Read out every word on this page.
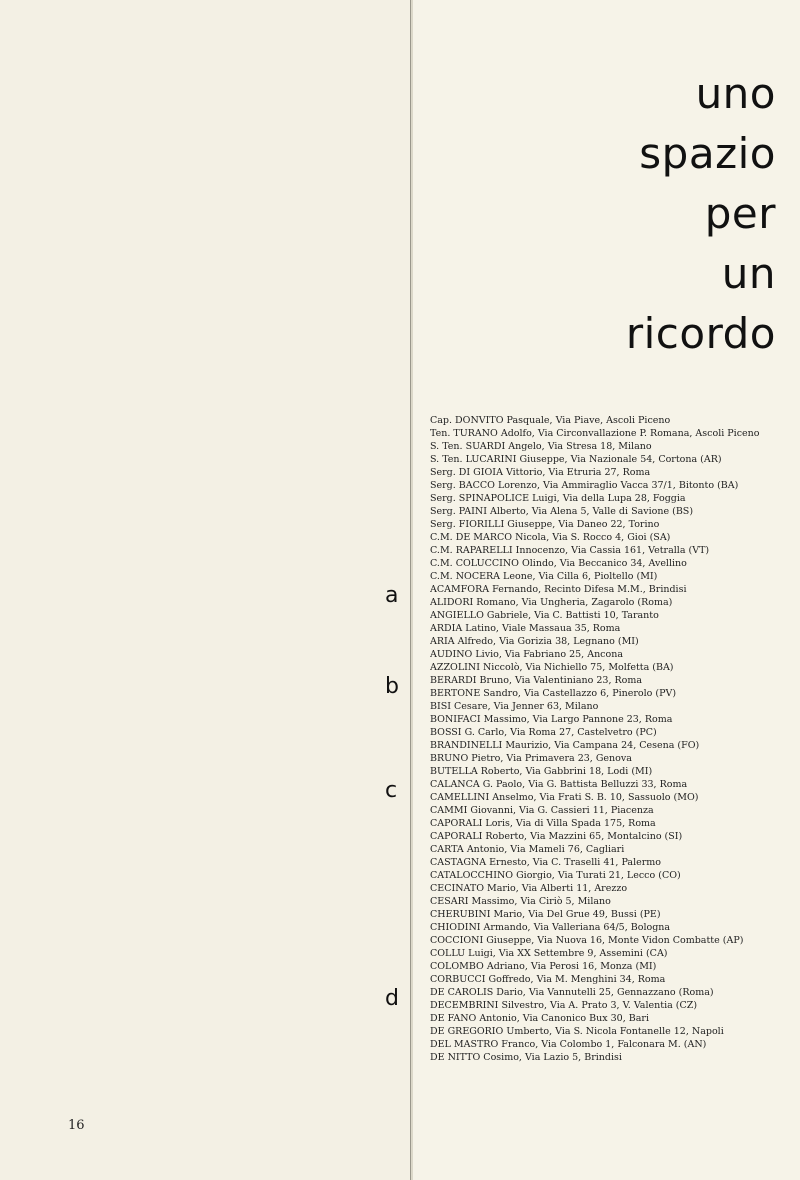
16
uno
spazio
per
un
ricordo
Cap. DONVITO Pasquale, Via Piave, Ascoli Piceno
Ten. TURANO Adolfo, Via Circonvallazione P. Romana, Ascoli Piceno
S. Ten. SUARDI Angelo, Via Stresa 18, Milano
S. Ten. LUCARINI Giuseppe, Via Nazionale 54, Cortona (AR)
Serg. DI GIOIA Vittorio, Via Etruria 27, Roma
Serg. BACCO Lorenzo, Via Ammiraglio Vacca 37/1, Bitonto (BA)
Serg. SPINAPOLICE Luigi, Via della Lupa 28, Foggia
Serg. PAINI Alberto, Via Alena 5, Valle di Savione (BS)
Serg. FIORILLI Giuseppe, Via Daneo 22, Torino
C.M. DE MARCO Nicola, Via S. Rocco 4, Gioi (SA)
C.M. RAPARELLI Innocenzo, Via Cassia 161, Vetralla (VT)
C.M. COLUCCINO Olindo, Via Beccanico 34, Avellino
C.M. NOCERA Leone, Via Cilla 6, Pioltello (MI)
ACAMFORA Fernando, Recinto Difesa M.M., Brindisi
ALIDORI Romano, Via Ungheria, Zagarolo (Roma)
ANGIELLO Gabriele, Via C. Battisti 10, Taranto
ARDIA Latino, Viale Massaua 35, Roma
ARIA Alfredo, Via Gorizia 38, Legnano (MI)
AUDINO Livio, Via Fabriano 25, Ancona
AZZOLINI Niccolò, Via Nichiello 75, Molfetta (BA)
BERARDI Bruno, Via Valentiniano 23, Roma
BERTONE Sandro, Via Castellazzo 6, Pinerolo (PV)
BISI Cesare, Via Jenner 63, Milano
BONIFACI Massimo, Via Largo Pannone 23, Roma
BOSSI G. Carlo, Via Roma 27, Castelvetro (PC)
BRANDINELLI Maurizio, Via Campana 24, Cesena (FO)
BRUNO Pietro, Via Primavera 23, Genova
BUTELLA Roberto, Via Gabbrini 18, Lodi (MI)
CALANCA G. Paolo, Via G. Battista Belluzzi 33, Roma
CAMELLINI Anselmo, Via Frati S. B. 10, Sassuolo (MO)
CAMMI Giovanni, Via G. Cassieri 11, Piacenza
CAPORALI Loris, Via di Villa Spada 175, Roma
CAPORALI Roberto, Via Mazzini 65, Montalcino (SI)
CARTA Antonio, Via Mameli 76, Cagliari
CASTAGNA Ernesto, Via C. Traselli 41, Palermo
CATALOCCHINO Giorgio, Via Turati 21, Lecco (CO)
CECINATO Mario, Via Alberti 11, Arezzo
CESARI Massimo, Via Ciriò 5, Milano
CHERUBINI Mario, Via Del Grue 49, Bussi (PE)
CHIODINI Armando, Via Valleriana 64/5, Bologna
COCCIONI Giuseppe, Via Nuova 16, Monte Vidon Combatte (AP)
COLLU Luigi, Via XX Settembre 9, Assemini (CA)
COLOMBO Adriano, Via Perosi 16, Monza (MI)
CORBUCCI Goffredo, Via M. Menghini 34, Roma
DE CAROLIS Dario, Via Vannutelli 25, Gennazzano (Roma)
DECEMBRINI Silvestro, Via A. Prato 3, V. Valentia (CZ)
DE FANO Antonio, Via Canonico Bux 30, Bari
DE GREGORIO Umberto, Via S. Nicola Fontanelle 12, Napoli
DEL MASTRO Franco, Via Colombo 1, Falconara M. (AN)
DE NITTO Cosimo, Via Lazio 5, Brindisi
a
b
c
d
